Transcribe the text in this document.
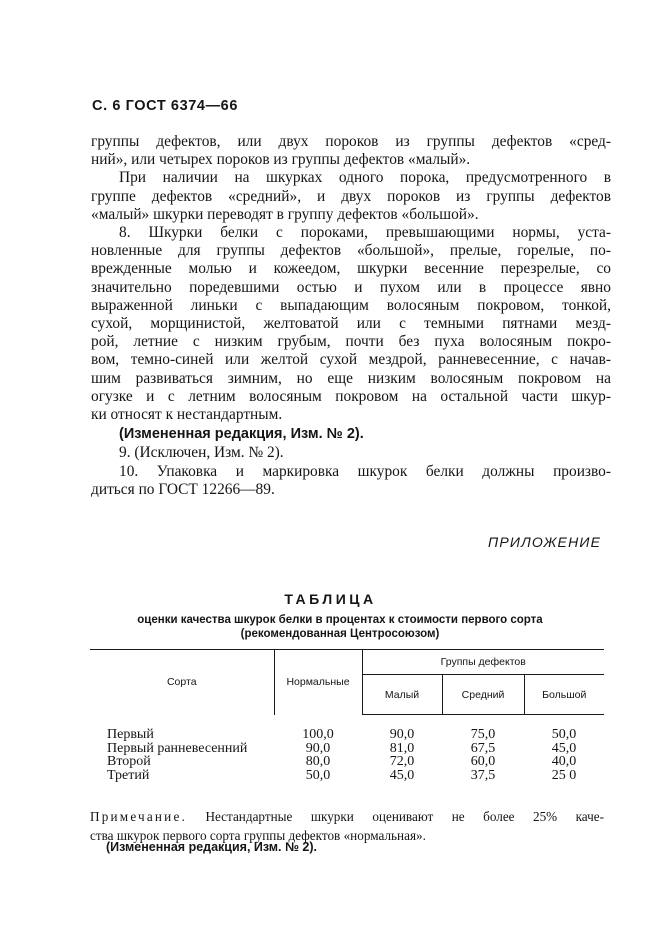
С. 6 ГОСТ 6374—66

группы дефектов, или двух пороков из группы дефектов «сред-

ний», или четырех пороков из группы дефектов «малый».

При наличии на шкурках одного порока, предусмотренного в

группе дефектов «средний», и двух пороков из группы дефектов

«малый» шкурки переводят в группу дефектов «большой».

8. Шкурки белки с пороками, превышающими нормы, уста-

новленные для группы дефектов «большой», прелые, горелые, по-

врежденные молью и кожеедом, шкурки весенние перезрелые, со

значительно поредевшими остью и пухом или в процессе явно

выраженной линьки с выпадающим волосяным покровом, тонкой,

сухой, морщинистой, желтоватой или с темными пятнами мезд-

рой, летние с низким грубым, почти без пуха волосяным покро-

вом, темно-синей или желтой сухой мездрой, ранневесенние, с начав-

шим развиваться зимним, но еще низким волосяным покровом на

огузке и с летним волосяным покровом на остальной части шкур-

ки относят к нестандартным.

(Измененная редакция, Изм. № 2).

9. (Исключен, Изм. № 2).

10. Упаковка и маркировка шкурок белки должны произво-

диться по ГОСТ 12266—89.

ПРИЛОЖЕНИЕ
ТАБЛИЦА
оценки качества шкурок белки в процентах к стоимости первого сорта
(рекомендованная Центросоюзом)
Сорта	Нормальные	Группы дефектов		
		Малый	Средний	Большой
Первый	100,0	90,0	75,0	50,0
Первый ранневесенний	90,0	81,0	67,5	45,0
Второй	80,0	72,0	60,0	40,0
Третий	50,0	45,0	37,5	25 0

Примечание. Нестандартные шкурки оценивают не более 25% каче-

ства шкурок первого сорта группы дефектов «нормальная».

(Измененная редакция, Изм. № 2).
